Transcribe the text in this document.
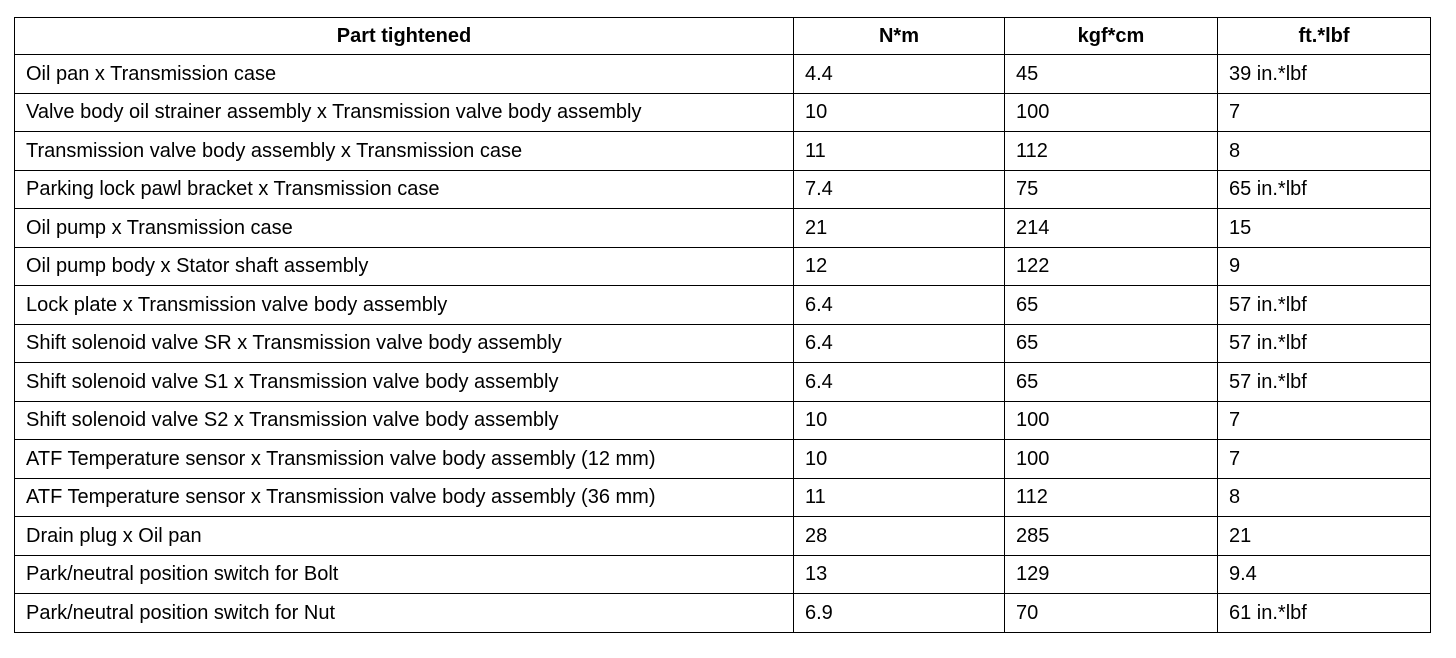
Part tightened	N*m	kgf*cm	ft.*lbf
Oil pan x Transmission case	4.4	45	39 in.*lbf
Valve body oil strainer assembly x Transmission valve body assembly	10	100	7
Transmission valve body assembly x Transmission case	11	112	8
Parking lock pawl bracket x Transmission case	7.4	75	65 in.*lbf
Oil pump x Transmission case	21	214	15
Oil pump body x Stator shaft assembly	12	122	9
Lock plate x Transmission valve body assembly	6.4	65	57 in.*lbf
Shift solenoid valve SR x Transmission valve body assembly	6.4	65	57 in.*lbf
Shift solenoid valve S1 x Transmission valve body assembly	6.4	65	57 in.*lbf
Shift solenoid valve S2 x Transmission valve body assembly	10	100	7
ATF Temperature sensor x Transmission valve body assembly (12 mm)	10	100	7
ATF Temperature sensor x Transmission valve body assembly (36 mm)	11	112	8
Drain plug x Oil pan	28	285	21
Park/neutral position switch for Bolt	13	129	9.4
Park/neutral position switch for Nut	6.9	70	61 in.*lbf
